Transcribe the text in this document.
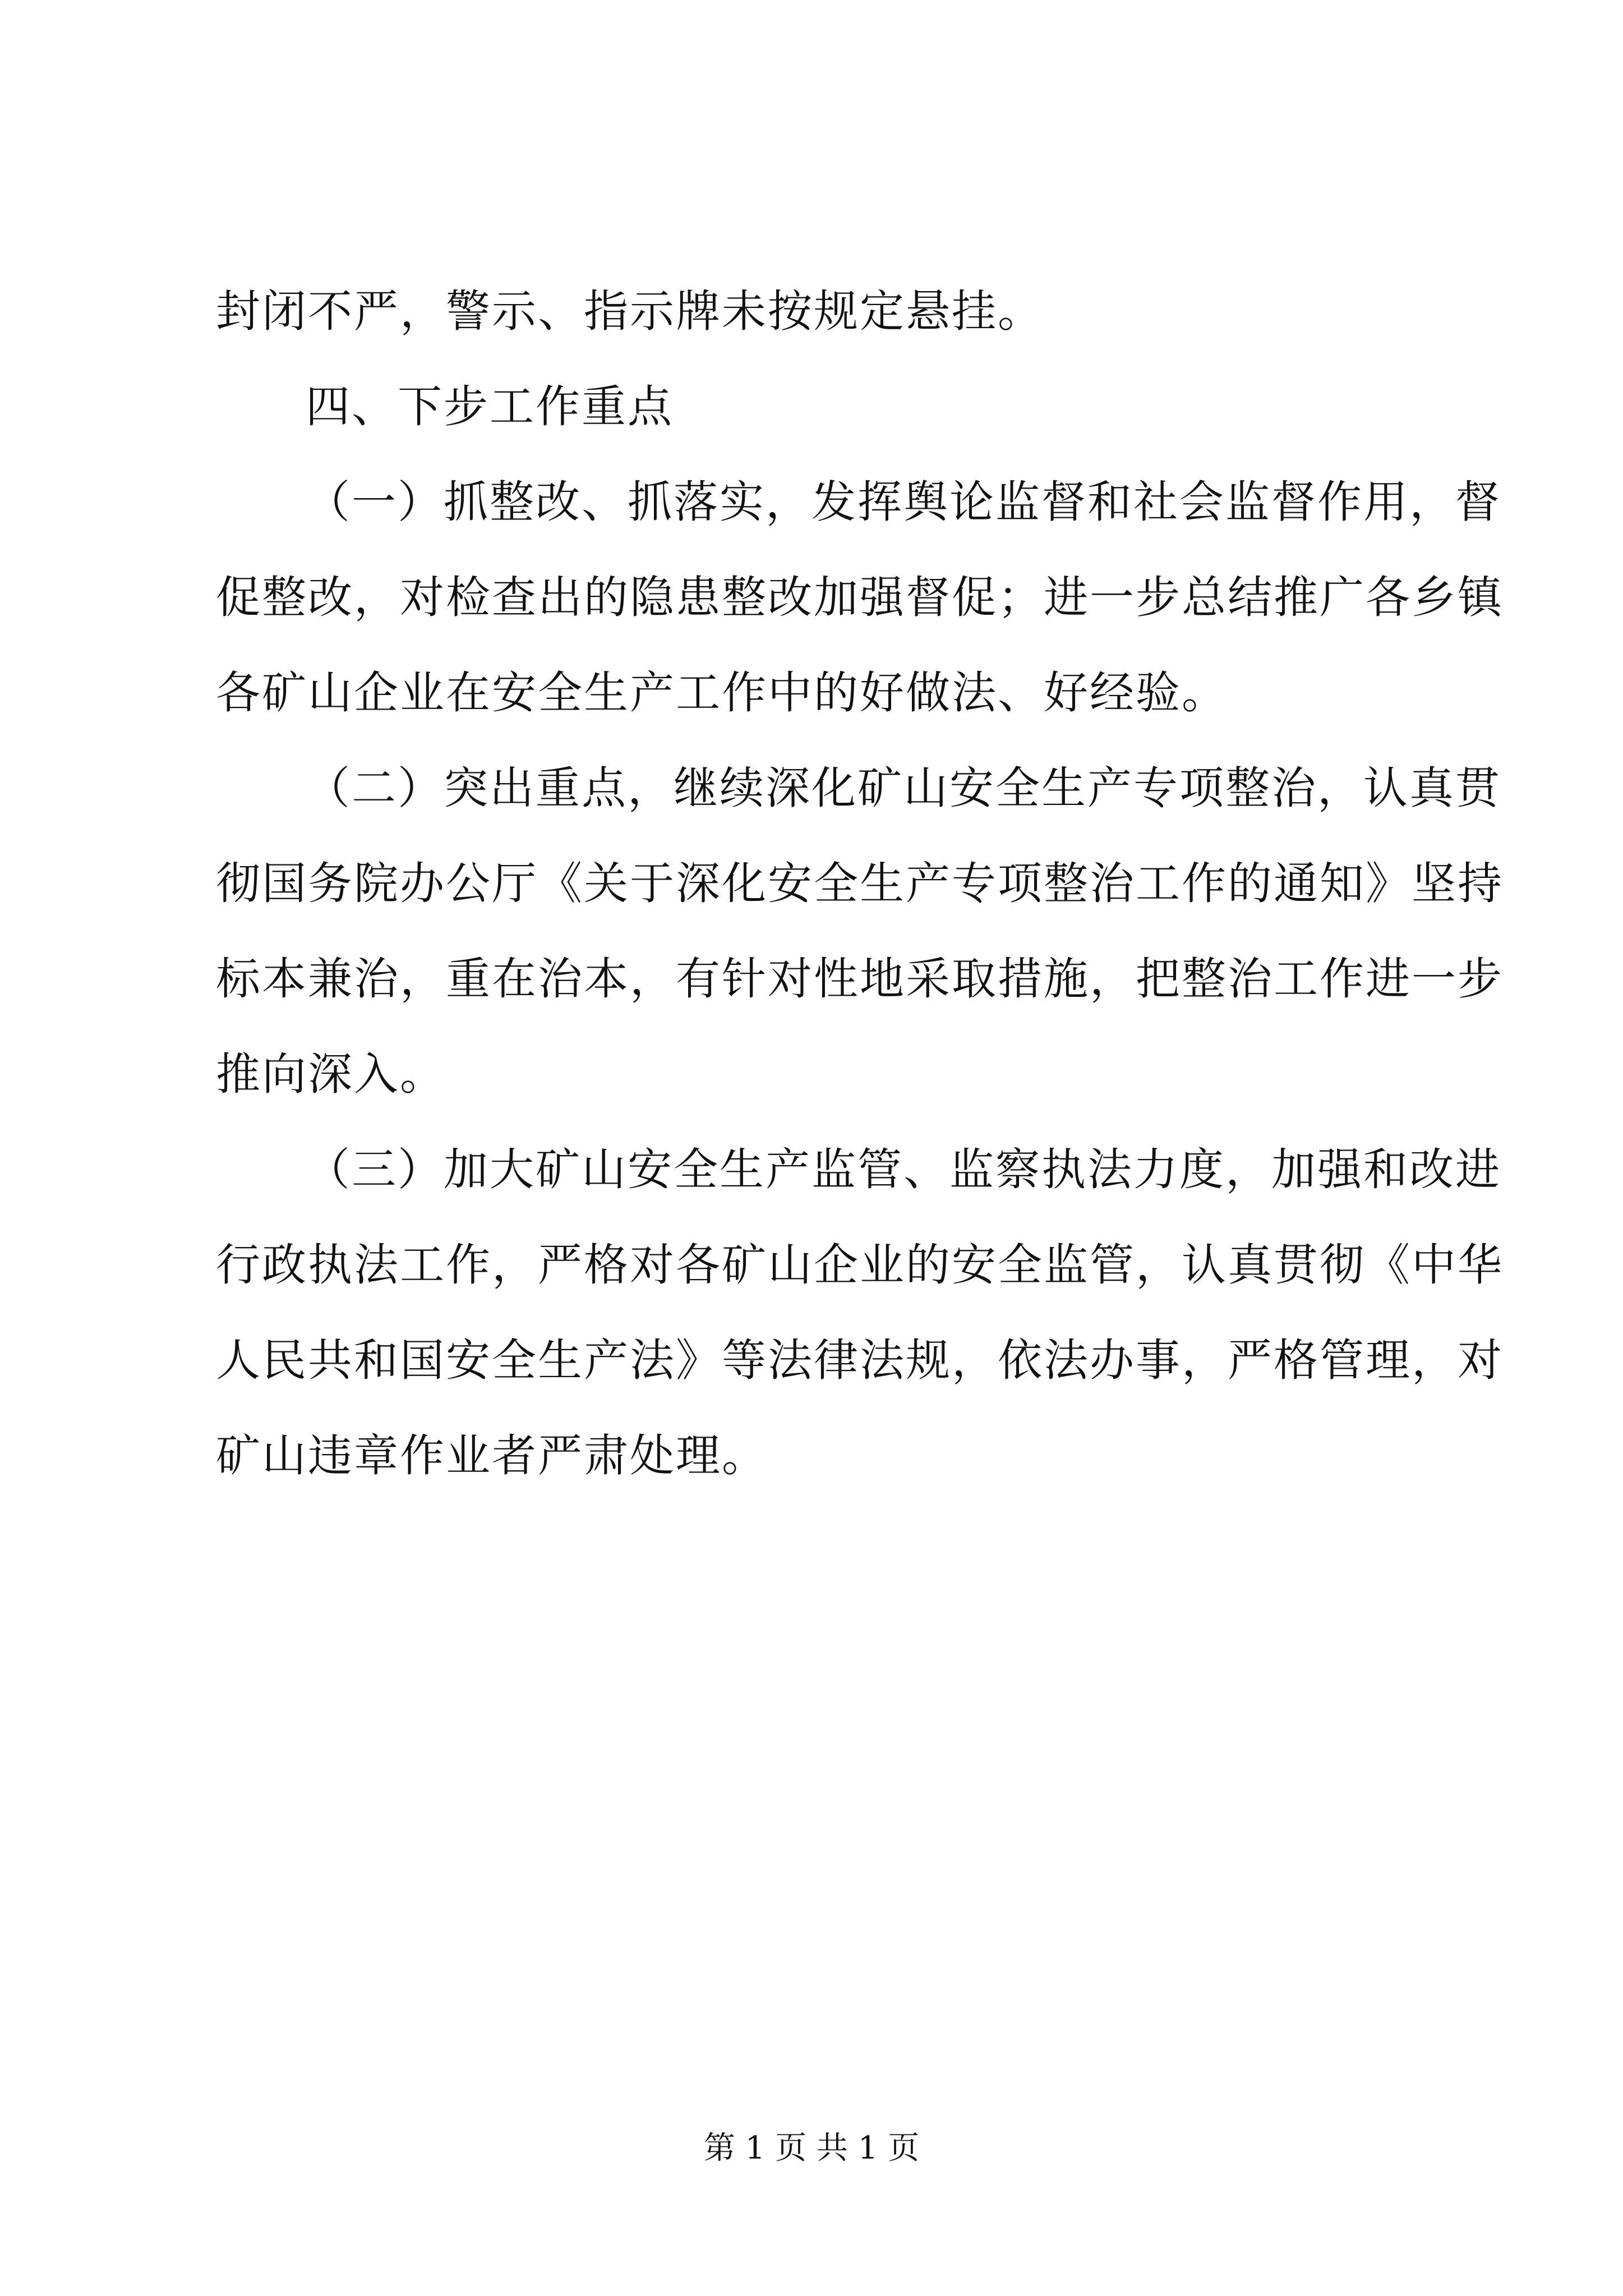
封闭不严，警示、指示牌未按规定悬挂。
四、下步工作重点
（一）抓整改、抓落实，发挥舆论监督和社会监督作用，督
促整改，对检查出的隐患整改加强督促；进一步总结推广各乡镇
各矿山企业在安全生产工作中的好做法、好经验。
（二）突出重点，继续深化矿山安全生产专项整治，认真贯
彻国务院办公厅《关于深化安全生产专项整治工作的通知》坚持
标本兼治，重在治本，有针对性地采取措施，把整治工作进一步
推向深入。
（三）加大矿山安全生产监管、监察执法力度，加强和改进
行政执法工作，严格对各矿山企业的安全监管，认真贯彻《中华
人民共和国安全生产法》等法律法规，依法办事，严格管理，对
矿山违章作业者严肃处理。
第 1 页 共 1 页
